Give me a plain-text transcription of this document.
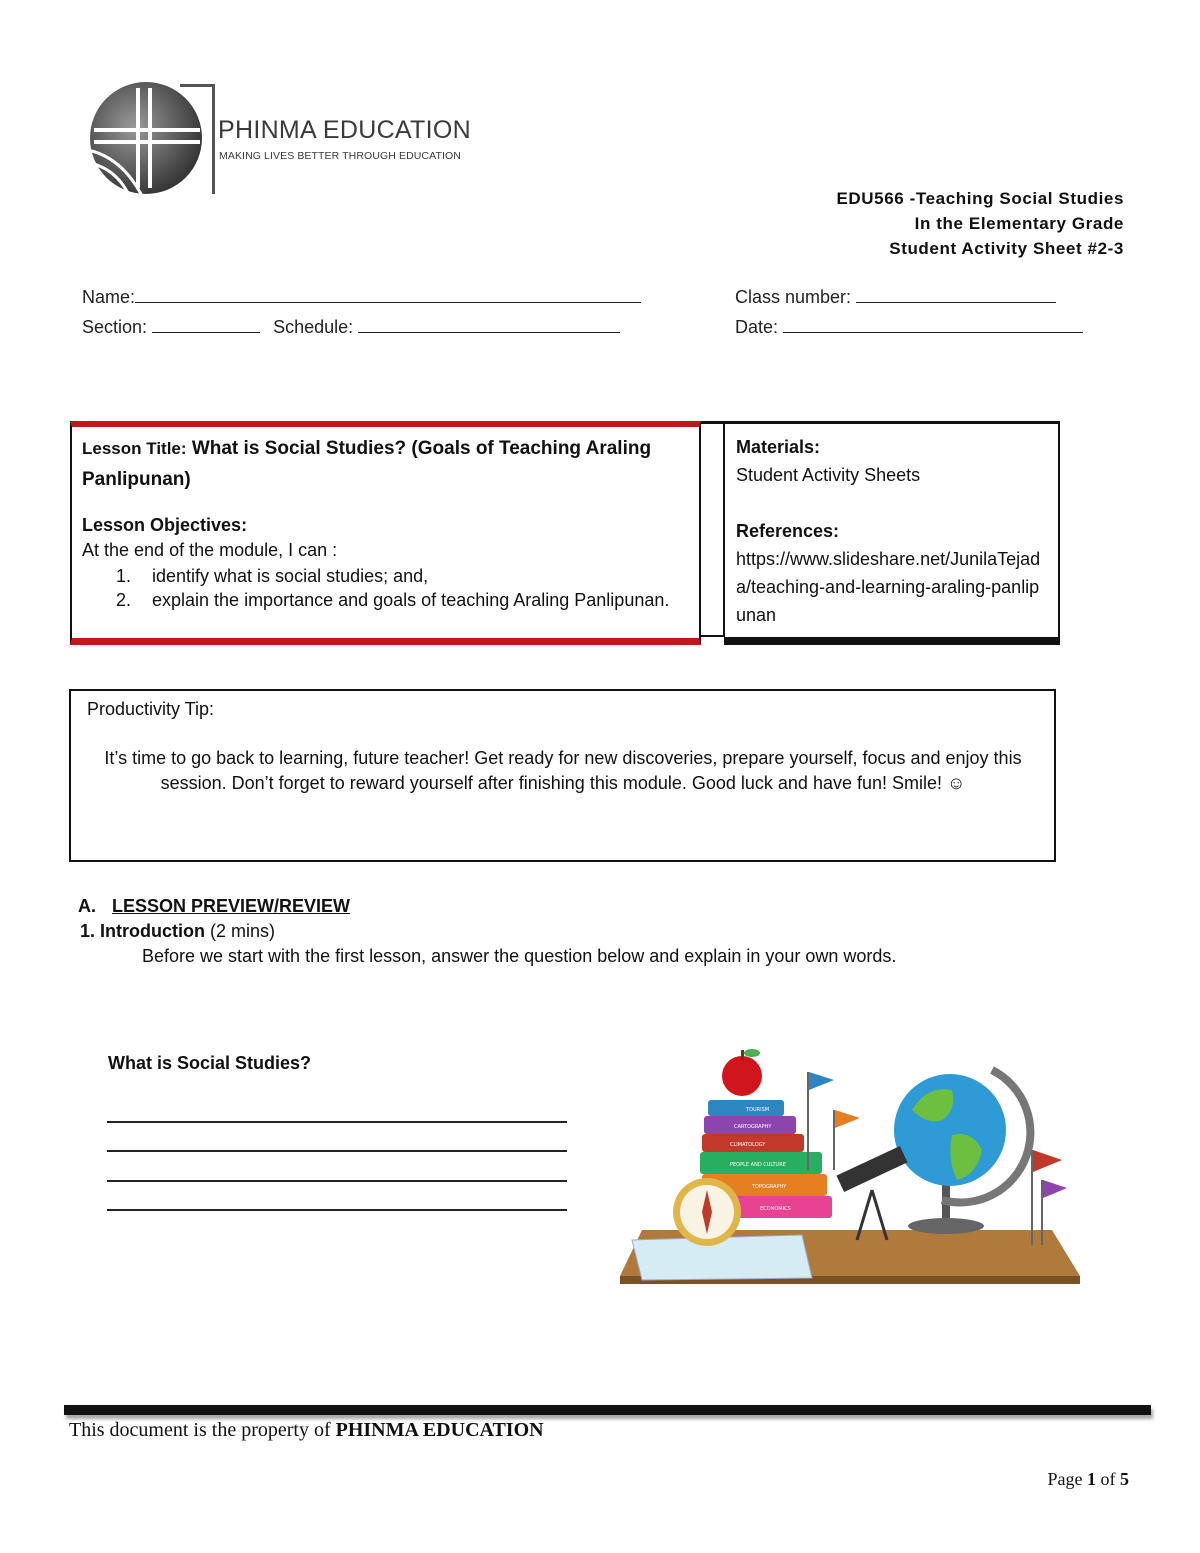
PHINMA EDUCATION
MAKING LIVES BETTER THROUGH EDUCATION
EDU566 -Teaching Social Studies
In the Elementary Grade
Student Activity Sheet #2-3
Name:	Class number:
Section:	Schedule:	Date:
Lesson Title: What is Social Studies? (Goals of Teaching Araling Panlipunan)
Lesson Objectives:
At the end of the module, I can :
1. identify what is social studies; and,
2. explain the importance and goals of teaching Araling Panlipunan.
Materials:
Student Activity Sheets
References:
https://www.slideshare.net/JunilaTejada/teaching-and-learning-araling-panlipunan
Productivity Tip:
It’s time to go back to learning, future teacher! Get ready for new discoveries, prepare yourself, focus and enjoy this session. Don’t forget to reward yourself after finishing this module. Good luck and have fun! Smile! ☺
A. LESSON PREVIEW/REVIEW
1. Introduction (2 mins)
Before we start with the first lesson, answer the question below and explain in your own words.
What is Social Studies?
TOURISM
CARTOGRAPHY
CLIMATOLOGY
PEOPLE AND CULTURE
TOPOGRAPHY
ECONOMICS
This document is the property of PHINMA EDUCATION
Page 1 of 5
